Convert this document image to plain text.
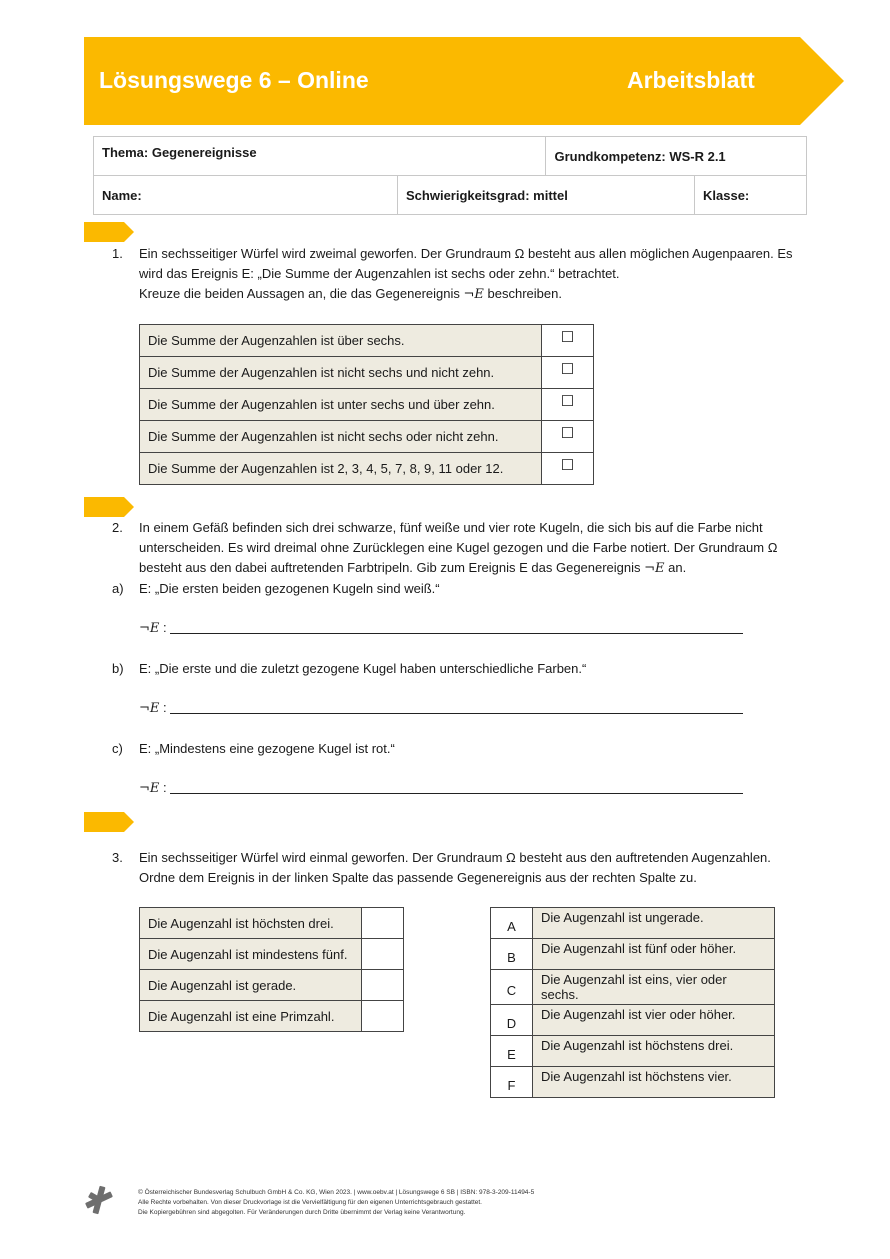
Lösungswege 6 – Online	Arbeitsblatt
Thema: Gegenereignisse		Grundkompetenz: WS-R 2.1	
Name:	Schwierigkeitsgrad: mittel		Klasse:
1. Ein sechsseitiger Würfel wird zweimal geworfen. Der Grundraum Ω besteht aus allen möglichen Augenpaaren. Es
wird das Ereignis E: „Die Summe der Augenzahlen ist sechs oder zehn.“ betrachtet.
Kreuze die beiden Aussagen an, die das Gegenereignis ¬E beschreiben.
Die Summe der Augenzahlen ist über sechs.	☐
Die Summe der Augenzahlen ist nicht sechs und nicht zehn.	☐
Die Summe der Augenzahlen ist unter sechs und über zehn.	☐
Die Summe der Augenzahlen ist nicht sechs oder nicht zehn.	☐
Die Summe der Augenzahlen ist 2, 3, 4, 5, 7, 8, 9, 11 oder 12.	☐
2. In einem Gefäß befinden sich drei schwarze, fünf weiße und vier rote Kugeln, die sich bis auf die Farbe nicht
unterscheiden. Es wird dreimal ohne Zurücklegen eine Kugel gezogen und die Farbe notiert. Der Grundraum Ω
besteht aus den dabei auftretenden Farbtripeln. Gib zum Ereignis E das Gegenereignis ¬E an.
a) E: „Die ersten beiden gezogenen Kugeln sind weiß.“
¬E :
b) E: „Die erste und die zuletzt gezogene Kugel haben unterschiedliche Farben.“
¬E :
c) E: „Mindestens eine gezogene Kugel ist rot.“
¬E :
3. Ein sechsseitiger Würfel wird einmal geworfen. Der Grundraum Ω besteht aus den auftretenden Augenzahlen.
Ordne dem Ereignis in der linken Spalte das passende Gegenereignis aus der rechten Spalte zu.
Die Augenzahl ist höchsten drei.	
Die Augenzahl ist mindestens fünf.	
Die Augenzahl ist gerade.	
Die Augenzahl ist eine Primzahl.	
A	Die Augenzahl ist ungerade.
B	Die Augenzahl ist fünf oder höher.
C	Die Augenzahl ist eins, vier oder sechs.
D	Die Augenzahl ist vier oder höher.
E	Die Augenzahl ist höchstens drei.
F	Die Augenzahl ist höchstens vier.
© Österreichischer Bundesverlag Schulbuch GmbH & Co. KG, Wien 2023. | www.oebv.at | Lösungswege 6 SB | ISBN: 978-3-209-11494-5
Alle Rechte vorbehalten. Von dieser Druckvorlage ist die Vervielfältigung für den eigenen Unterrichtsgebrauch gestattet.
Die Kopiergebühren sind abgegolten. Für Veränderungen durch Dritte übernimmt der Verlag keine Verantwortung.
